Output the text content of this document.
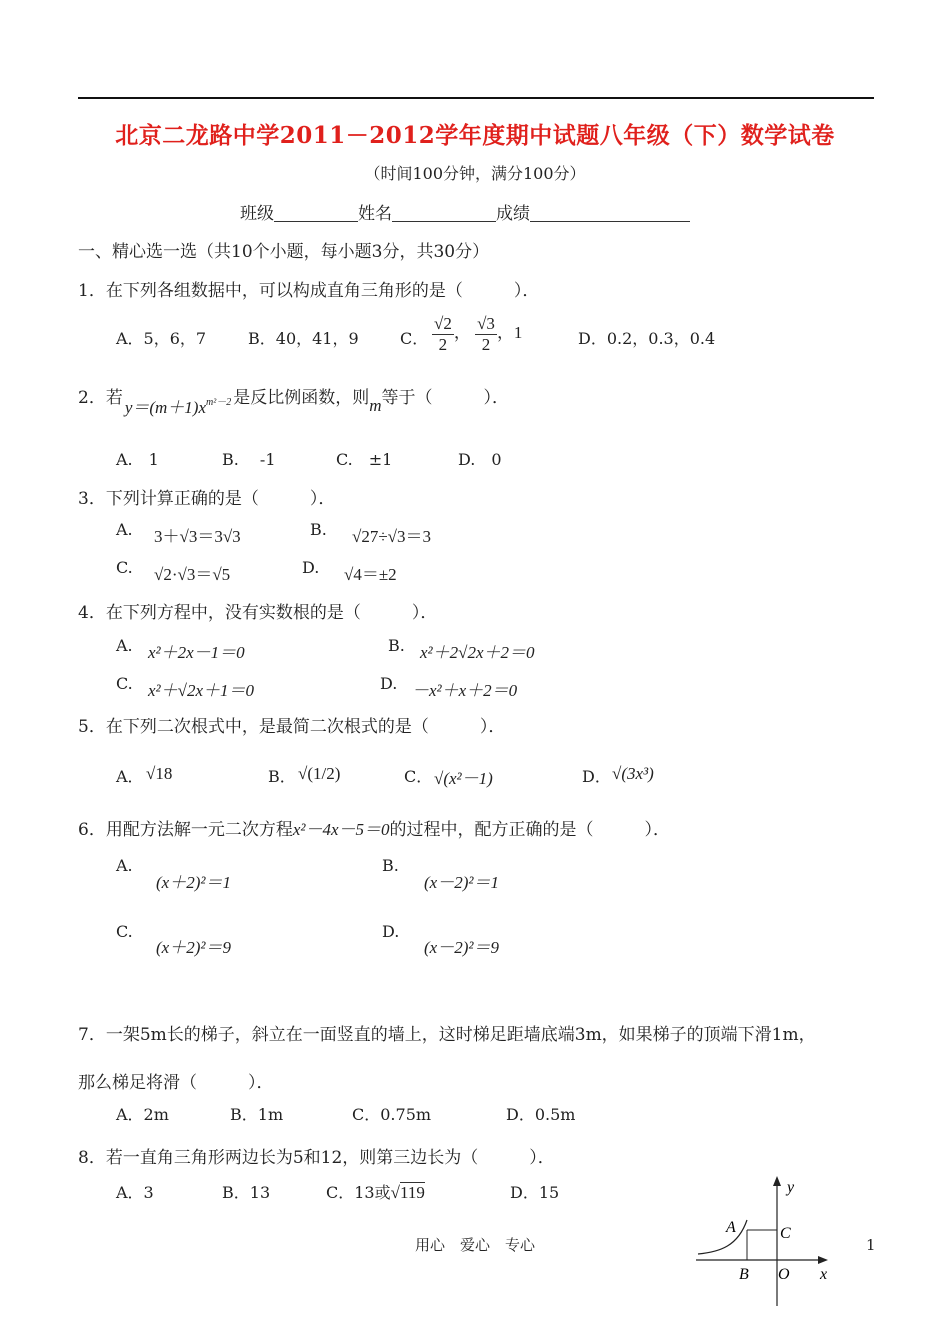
北京二龙路中学2011－2012学年度期中试题八年级（下）数学试卷
（时间100分钟，满分100分）
班级	姓名	成绩
一、精心选一选（共10个小题，每小题3分，共30分）
1．在下列各组数据中，可以构成直角三角形的是（　　　）．
A．5，6，7	B．40，41，9	C． $\frac{√2}{2}$ ， $\frac{√3}{2}$ ，1	D．0.2，0.3，0.4
2．若 $y=(m+1)x^{m^2-2}$ 是反比例函数，则m等于（　　　）．
A.　1	B.　 -1	C.　±1	D.　0
3．下列计算正确的是（　　　）．
A. 3＋√3＝3√3	B. √27÷√3＝3
C. √2·√3＝√5	D. √4＝±2
4．在下列方程中，没有实数根的是（　　　）．
A. x²＋2x－1＝0	B. x²＋2√2x＋2＝0
C. x²＋√2x＋1＝0	D. －x²＋x＋2＝0
5．在下列二次根式中，是最简二次根式的是（　　　）．
A． √18	B． √(1/2)	C． √(x²－1)	D． √(3x³)
6．用配方法解一元二次方程x²－4x－5＝0的过程中，配方正确的是（　　　）．
A.
(x＋2)²＝1
B.
(x－2)²＝1
C.
(x＋2)²＝9
D.
(x－2)²＝9
7．一架5m长的梯子，斜立在一面竖直的墙上，这时梯足距墙底端3m，如果梯子的顶端下滑1m，
那么梯足将滑（　　　）．
A．2m	B．1m	C．0.75m	D．0.5m
8．若一直角三角形两边长为5和12，则第三边长为（　　　）．
A．3	B．13	C．13或√119	D．15	y
x
A
B
C
O
用心　爱心　专心	1
